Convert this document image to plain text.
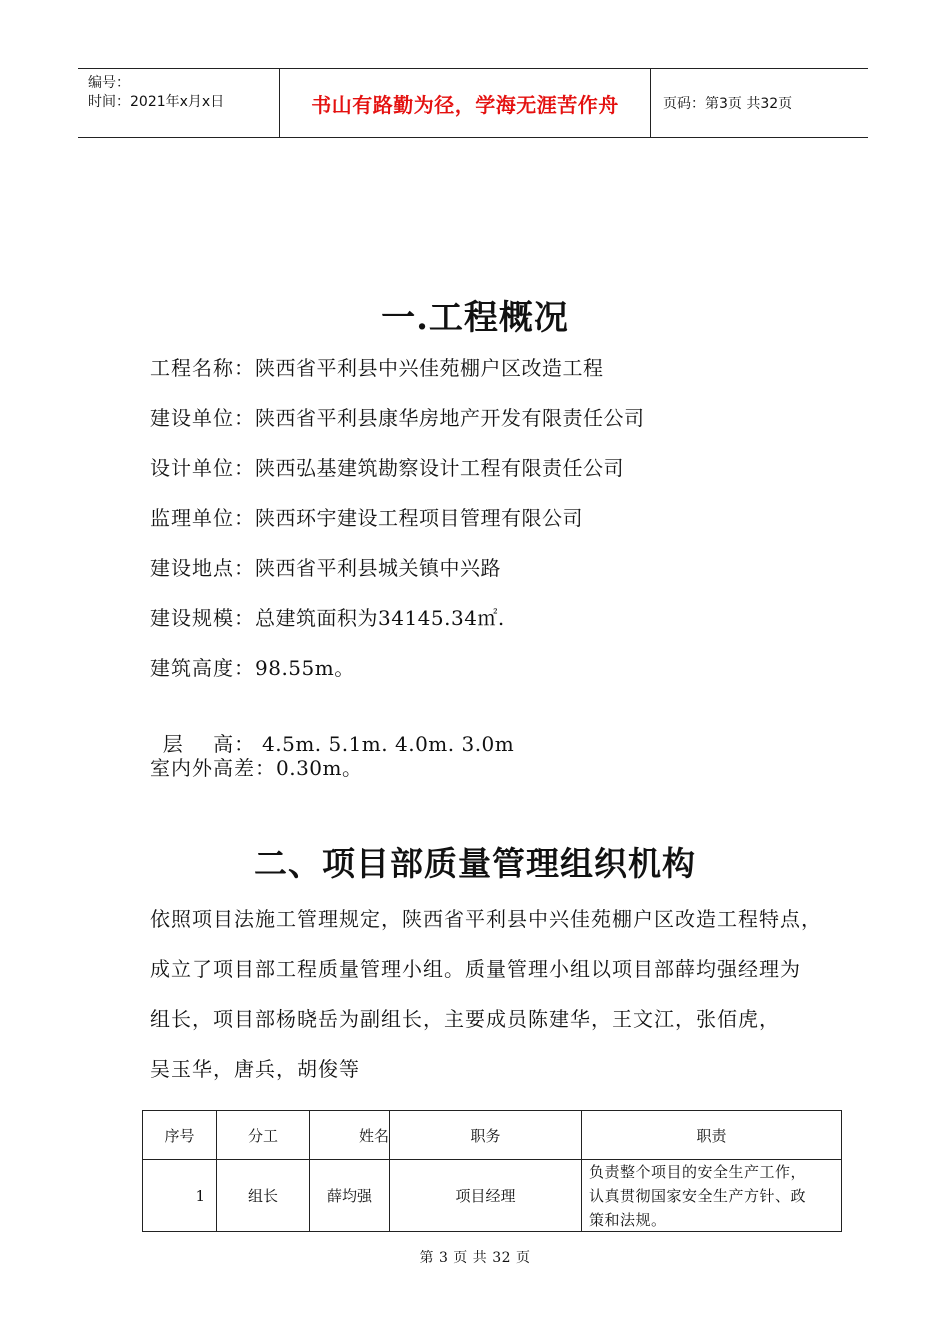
编号：
时间：2021年x月x日	书山有路勤为径，学海无涯苦作舟	页码：第3页 共32页
一.工程概况
工程名称：陕西省平利县中兴佳苑棚户区改造工程
建设单位：陕西省平利县康华房地产开发有限责任公司
设计单位：陕西弘基建筑勘察设计工程有限责任公司
监理单位：陕西环宇建设工程项目管理有限公司
建设地点：陕西省平利县城关镇中兴路
建设规模：总建筑面积为34145.34㎡.
建筑高度：98.55m。

层    高： 4.5m. 5.1m. 4.0m. 3.0m

室内外高差：0.30m。
二、项目部质量管理组织机构
依照项目法施工管理规定，陕西省平利县中兴佳苑棚户区改造工程特点，
成立了项目部工程质量管理小组。质量管理小组以项目部薛均强经理为
组长，项目部杨晓岳为副组长，主要成员陈建华，王文江，张佰虎，
吴玉华，唐兵，胡俊等
序号	分工	姓名	职务	职责
1	组长	薛均强	项目经理
负责整个项目的安全生产工作，
认真贯彻国家安全生产方针、政
策和法规。
第 3 页 共 32 页
